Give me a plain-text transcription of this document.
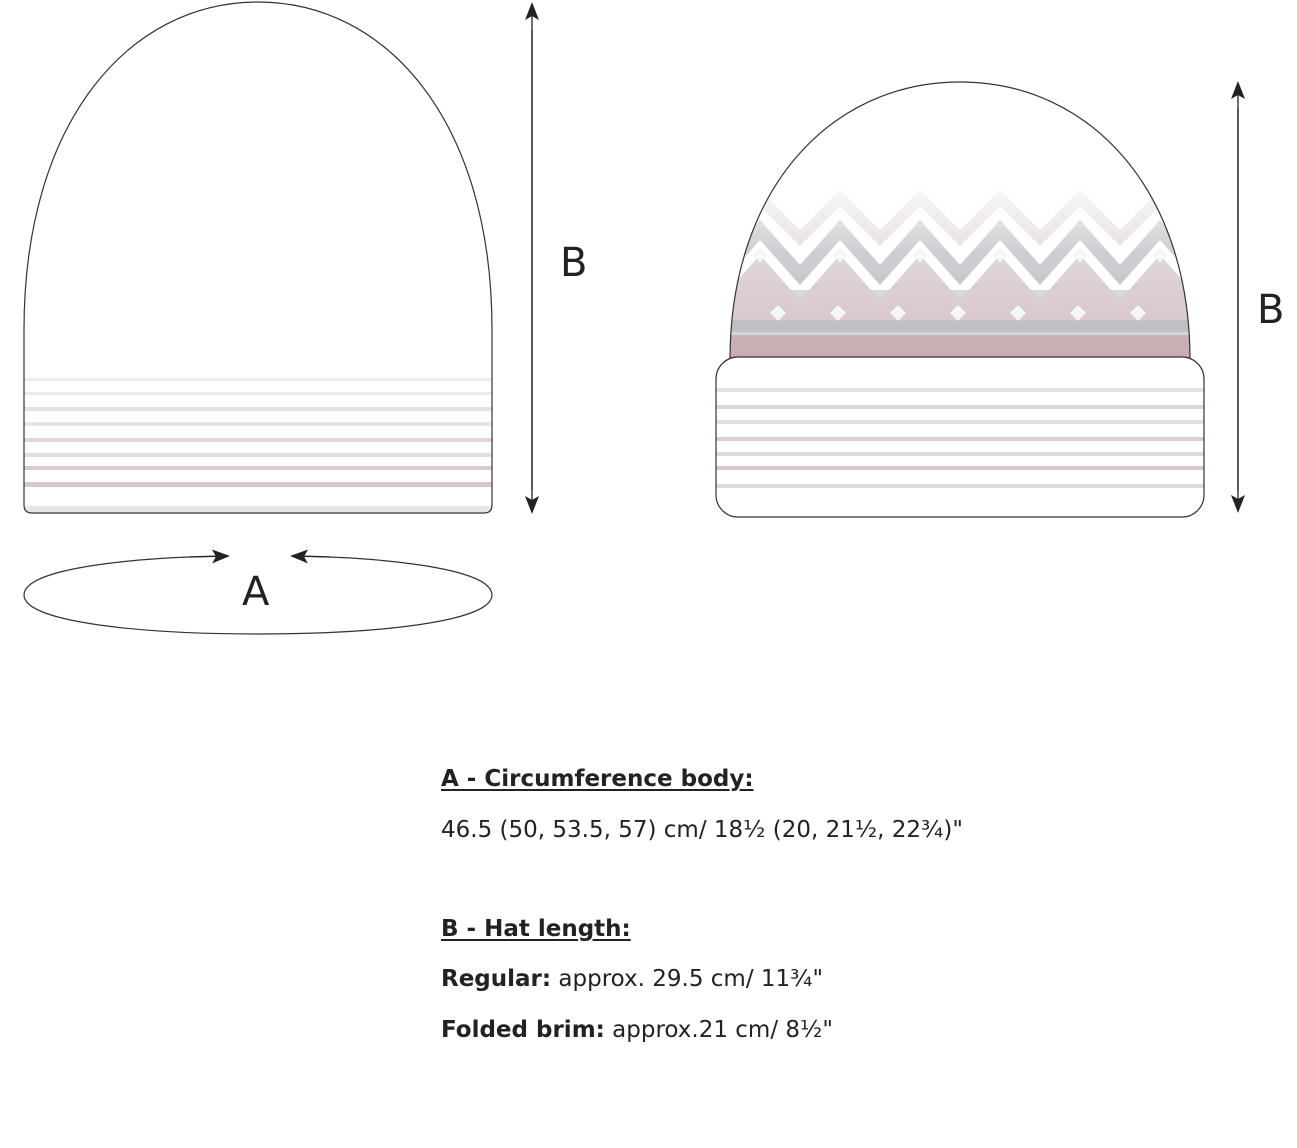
B
A
B

A - Circumference body:

46.5 (50, 53.5, 57) cm/ 18½ (20, 21½, 22¾)"

B - Hat length:

Regular: approx. 29.5 cm/ 11¾"

Folded brim: approx.21 cm/ 8½"
